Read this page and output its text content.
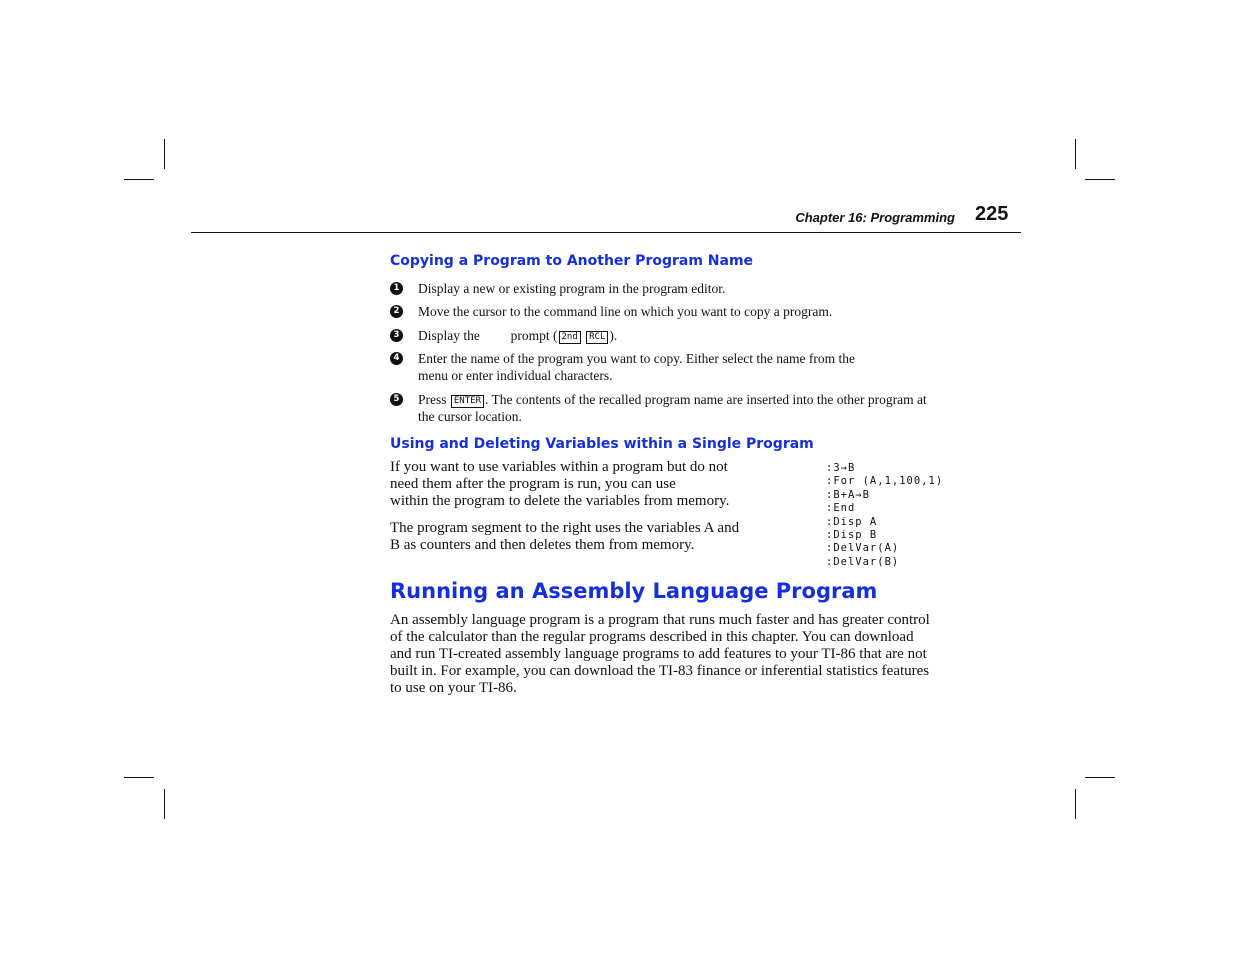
Chapter 16: Programming 225
Copying a Program to Another Program Name
1 Display a new or existing program in the program editor.
2 Move the cursor to the command line on which you want to copy a program.
3 Display the  prompt ( 2nd RCL ).
4 Enter the name of the program you want to copy. Either select the name from the
menu or enter individual characters.
5 Press ENTER . The contents of the recalled program name are inserted into the other program at
the cursor location.
Using and Deleting Variables within a Single Program
If you want to use variables within a program but do not
need them after the program is run, you can use
within the program to delete the variables from memory.
The program segment to the right uses the variables A and
B as counters and then deletes them from memory.
:3→B
:For (A,1,100,1)
:B+A→B
:End
:Disp A
:Disp B
:DelVar(A)
:DelVar(B)
Running an Assembly Language Program
An assembly language program is a program that runs much faster and has greater control
of the calculator than the regular programs described in this chapter. You can download
and run TI-created assembly language programs to add features to your TI-86 that are not
built in. For example, you can download the TI-83 finance or inferential statistics features
to use on your TI-86.
